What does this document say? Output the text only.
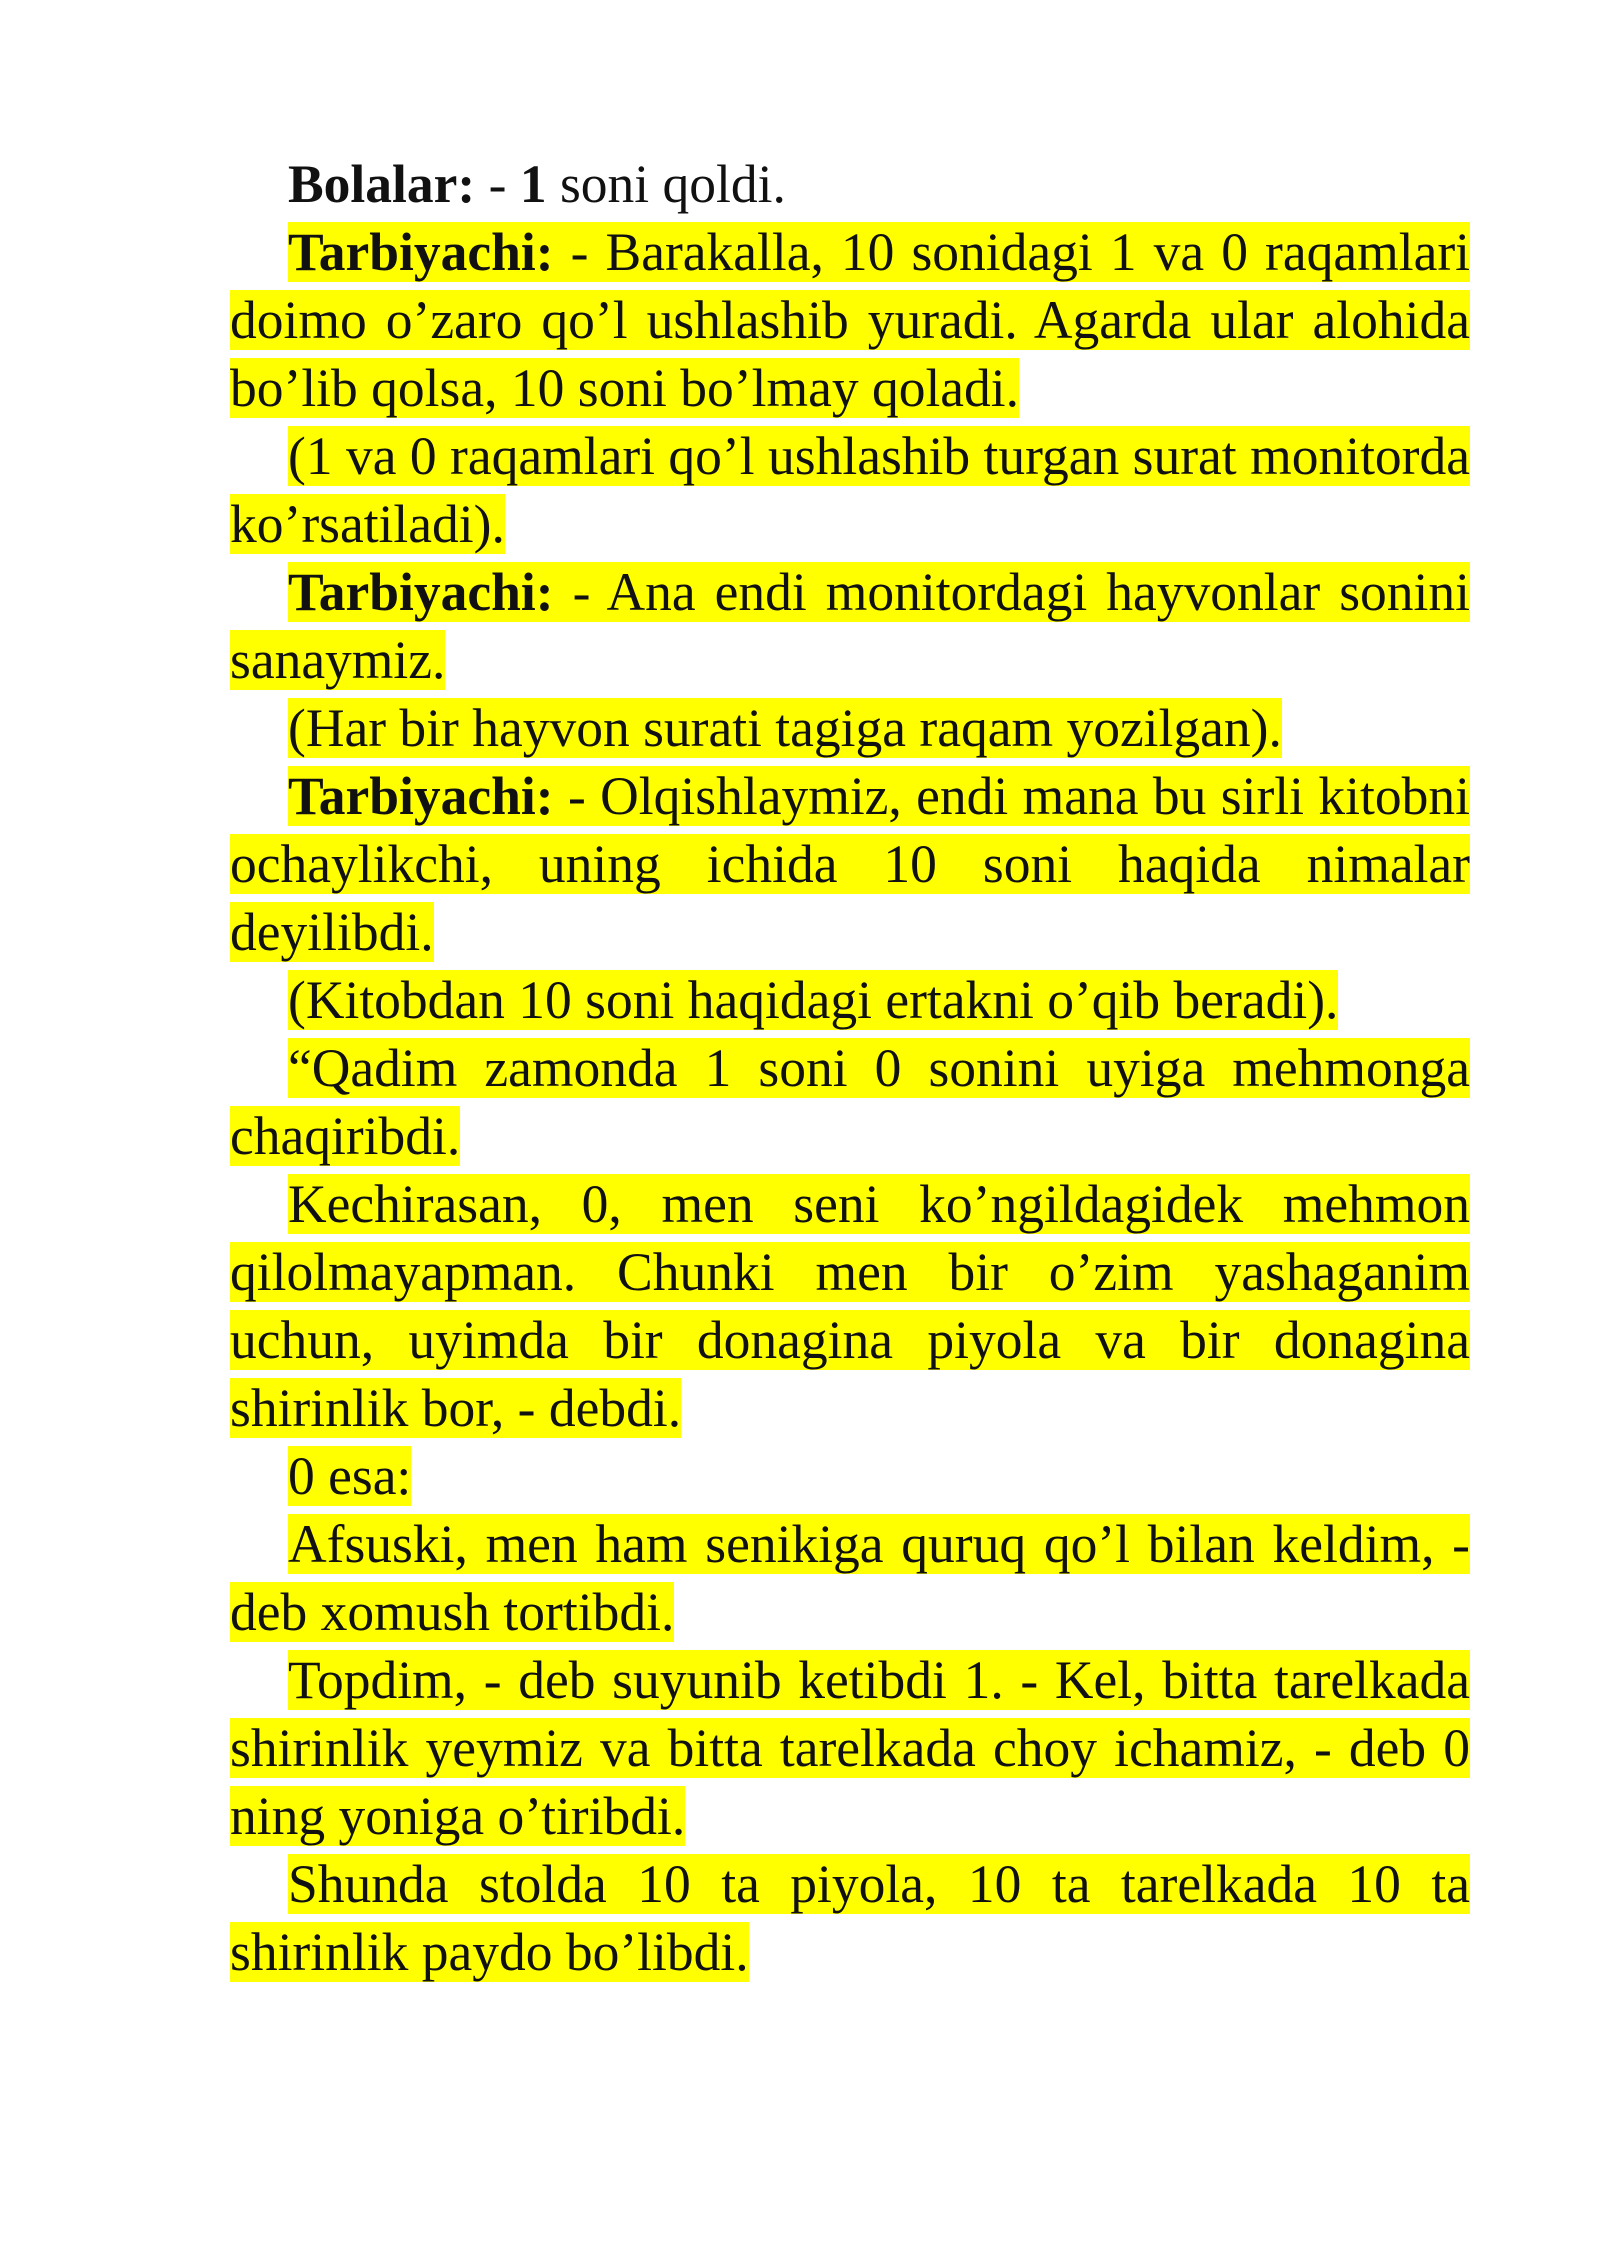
Bolalar: - 1 soni qoldi.

Tarbiyachi: - Barakalla, 10 sonidagi 1 va 0 raqamlari doimo o’zaro qo’l ushlashib yuradi. Agarda ular alohida bo’lib qolsa, 10 soni bo’lmay qoladi.

(1 va 0 raqamlari qo’l ushlashib turgan surat monitorda ko’rsatiladi).

Tarbiyachi: - Ana endi monitordagi hayvonlar sonini sanaymiz.

(Har bir hayvon surati tagiga raqam yozilgan).

Tarbiyachi: - Olqishlaymiz, endi mana bu sirli kitobni ochaylikchi, uning ichida 10 soni haqida nimalar deyilibdi.

(Kitobdan 10 soni haqidagi ertakni o’qib beradi).

“Qadim zamonda 1 soni 0 sonini uyiga mehmonga chaqiribdi.

Kechirasan, 0, men seni ko’ngildagidek mehmon qilolmayapman. Chunki men bir o’zim yashaganim uchun, uyimda bir donagina piyola va bir donagina shirinlik bor, - debdi.

0 esa:

Afsuski, men ham senikiga quruq qo’l bilan keldim, - deb xomush tortibdi.

Topdim, - deb suyunib ketibdi 1. - Kel, bitta tarelkada shirinlik yeymiz va bitta tarelkada choy ichamiz, - deb 0 ning yoniga o’tiribdi.

Shunda stolda 10 ta piyola, 10 ta tarelkada 10 ta shirinlik paydo bo’libdi.
